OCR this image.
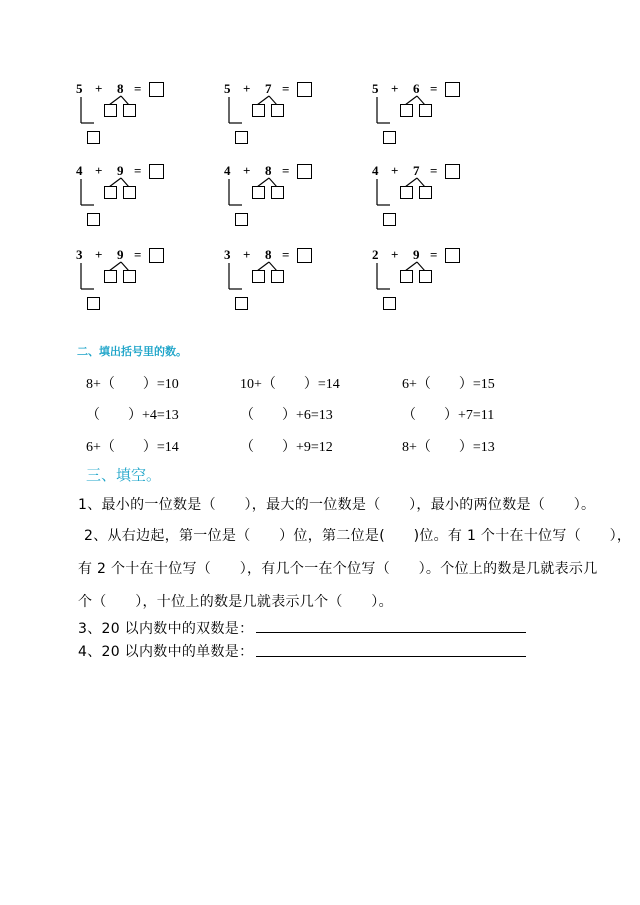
5 + 8 =	5 + 7 =	5 + 6 =
4 + 9 =	4 + 8 =	4 + 7 =
3 + 9 =	3 + 8 =	2 + 9 =
二、填出括号里的数。
8+（　　）=10	10+（　　）=14	6+（　　）=15
（　　）+4=13	（　　）+6=13	（　　）+7=11
6+（　　）=14	（　　）+9=12	8+（　　）=13
三、填空。
1、最小的一位数是（　　），最大的一位数是（　　），最小的两位数是（　　）。
2、从右边起，第一位是（　　）位，第二位是(　　)位。有 1 个十在十位写（　　），
有 2 个十在十位写（　　），有几个一在个位写（　　）。个位上的数是几就表示几
个（　　），十位上的数是几就表示几个（　　）。
3、20 以内数中的双数是：
4、20 以内数中的单数是：
